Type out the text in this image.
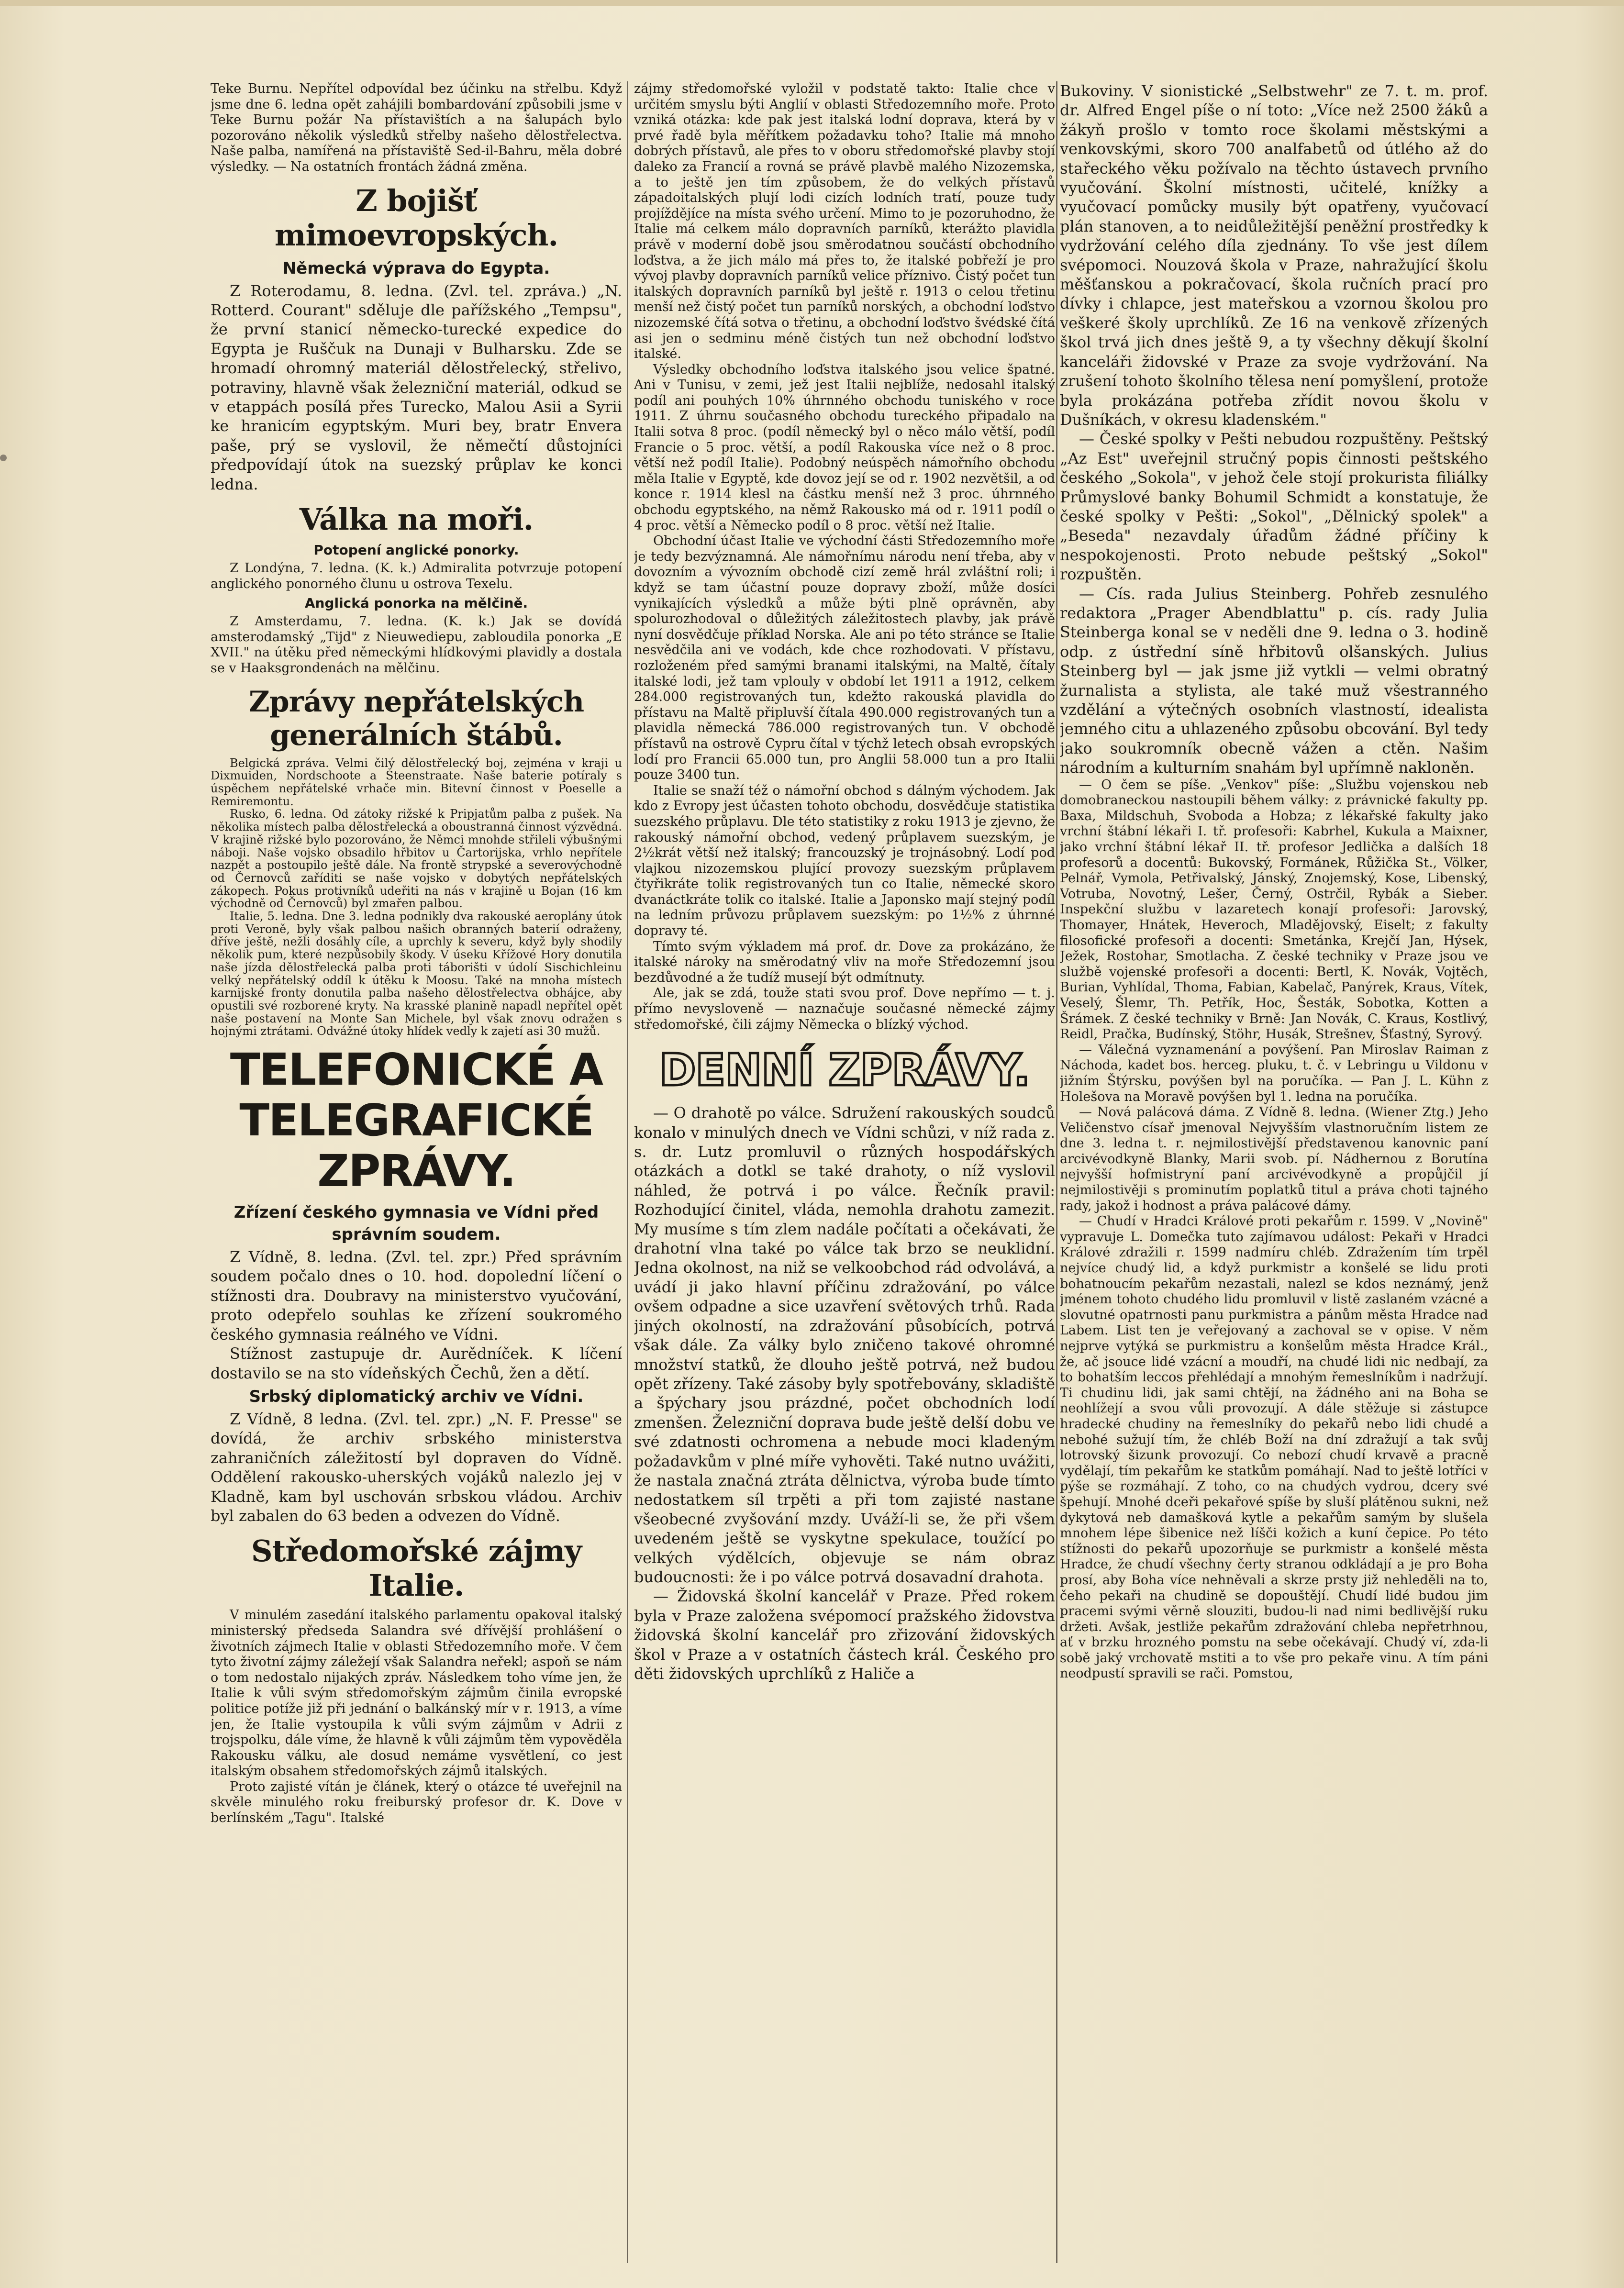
Teke Burnu. Nepřítel odpovídal bez účinku na střelbu. Když jsme dne 6. ledna opět zahájili bombardování způsobili jsme v Teke Burnu požár Na přístavištích a na šalupách bylo pozorováno několik výsledků střelby našeho dělostřelectva. Naše palba, namířená na přístaviště Sed-il-Bahru, měla dobré výsledky. — Na ostatních frontách žádná změna.

Z bojišť mimoevropských.
Německá výprava do Egypta.

Z Roterodamu, 8. ledna. (Zvl. tel. zpráva.) „N. Rotterd. Courant" sděluje dle pařížského „Tempsu", že první stanicí německo-turecké expedice do Egypta je Ruščuk na Dunaji v Bulharsku. Zde se hromadí ohromný materiál dělostřelecký, střelivo, potraviny, hlavně však železniční materiál, odkud se v etappách posílá přes Turecko, Malou Asii a Syrii ke hranicím egyptským. Muri bey, bratr Envera paše, prý se vyslovil, že němečtí důstojníci předpovídají útok na suezský průplav ke konci ledna.

Válka na moři.
Potopení anglické ponorky.

Z Londýna, 7. ledna. (K. k.) Admiralita potvrzuje potopení anglického ponorného člunu u ostrova Texelu.

Anglická ponorka na mělčině.

Z Amsterdamu, 7. ledna. (K. k.) Jak se dovídá amsterodamský „Tijd" z Nieuwediepu, zabloudila ponorka „E XVII." na útěku před německými hlídkovými plavidly a dostala se v Haaksgrondenách na mělčinu.

Zprávy nepřátelských generálních štábů.

Belgická zpráva. Velmi čilý dělostřelecký boj, zejména v kraji u Dixmuiden, Nordschoote a Steenstraate. Naše baterie potíraly s úspěchem nepřátelské vrhače min. Bitevní činnost v Poeselle a Remiremontu.

Rusko, 6. ledna. Od zátoky rižské k Pripjatům palba z pušek. Na několika místech palba dělostřelecká a oboustranná činnost výzvědná. V krajině rižské bylo pozorováno, že Němci mnohde střileli výbušnými náboji. Naše vojsko obsadilo hřbitov u Čartorijska, vrhlo nepřítele nazpět a postoupilo ještě dále. Na frontě strypské a severovýchodně od Černovců zaříditi se naše vojsko v dobytých nepřátelských zákopech. Pokus protivníků udeřiti na nás v krajině u Bojan (16 km východně od Černovců) byl zmařen palbou.

Italie, 5. ledna. Dne 3. ledna podnikly dva rakouské aeroplány útok proti Veroně, byly však palbou našich obranných baterií odraženy, dříve ještě, nežli dosáhly cíle, a uprchly k severu, když byly shodily několik pum, které nezpůsobily škody. V úseku Křížové Hory donutila naše jízda dělostřelecká palba proti táborišti v údolí Sischichleinu velký nepřátelský oddíl k útěku k Moosu. Také na mnoha místech karnijské fronty donutila palba našeho dělostřelectva obhájce, aby opustili své rozborené kryty. Na krasské planině napadl nepřítel opět naše postavení na Monte San Michele, byl však znovu odražen s hojnými ztrátami. Odvážné útoky hlídek vedly k zajetí asi 30 mužů.

TELEFONICKÉ A TELEGRAFICKÉ ZPRÁVY.
Zřízení českého gymnasia ve Vídni před správním soudem.

Z Vídně, 8. ledna. (Zvl. tel. zpr.) Před správním soudem počalo dnes o 10. hod. dopolední líčení o stížnosti dra. Doubravy na ministerstvo vyučování, proto odepřelo souhlas ke zřízení soukromého českého gymnasia reálného ve Vídni.

Stížnost zastupuje dr. Aurědníček. K líčení dostavilo se na sto vídeňských Čechů, žen a dětí.

Srbský diplomatický archiv ve Vídni.

Z Vídně, 8 ledna. (Zvl. tel. zpr.) „N. F. Presse" se dovídá, že archiv srbského ministerstva zahraničních záležitostí byl dopraven do Vídně. Oddělení rakousko-uherských vojáků nalezlo jej v Kladně, kam byl uschován srbskou vládou. Archiv byl zabalen do 63 beden a odvezen do Vídně.

Středomořské zájmy Italie.

V minulém zasedání italského parlamentu opakoval italský ministerský předseda Salandra své dřívější prohlášení o životních zájmech Italie v oblasti Středozemního moře. V čem tyto životní zájmy záležejí však Salandra neřekl; aspoň se nám o tom nedostalo nijakých zpráv. Následkem toho víme jen, že Italie k vůli svým středomořským zájmům činila evropské politice potíže již při jednání o balkánský mír v r. 1913, a víme jen, že Italie vystoupila k vůli svým zájmům v Adrii z trojspolku, dále víme, že hlavně k vůli zájmům těm vypověděla Rakousku válku, ale dosud nemáme vysvětlení, co jest italským obsahem středomořských zájmů italských.

Proto zajisté vítán je článek, který o otázce té uveřejnil na skvěle minulého roku freiburský profesor dr. K. Dove v berlínském „Tagu". Italské

zájmy středomořské vyložil v podstatě takto: Italie chce v určitém smyslu býti Anglií v oblasti Středozemního moře. Proto vzniká otázka: kde pak jest italská lodní doprava, která by v prvé řadě byla měřítkem požadavku toho? Italie má mnoho dobrých přístavů, ale přes to v oboru středomořské plavby stojí daleko za Francií a rovná se právě plavbě malého Nizozemska, a to ještě jen tím způsobem, že do velkých přístavů západoitalských plují lodi cizích lodních tratí, pouze tudy projíždějíce na místa svého určení. Mimo to je pozoruhodno, že Italie má celkem málo dopravních parníků, kterážto plavidla právě v moderní době jsou směrodatnou součástí obchodního loďstva, a že jich málo má přes to, že italské pobřeží je pro vývoj plavby dopravních parníků velice příznivo. Čistý počet tun italských dopravních parníků byl ještě r. 1913 o celou třetinu menší než čistý počet tun parníků norských, a obchodní loďstvo nizozemské čítá sotva o třetinu, a obchodní loďstvo švédské čítá asi jen o sedminu méně čistých tun než obchodní loďstvo italské.

Výsledky obchodního loďstva italského jsou velice špatné. Ani v Tunisu, v zemi, jež jest Italii nejblíže, nedosahl italský podíl ani pouhých 10% úhrnného obchodu tuniského v roce 1911. Z úhrnu současného obchodu tureckého připadalo na Italii sotva 8 proc. (podíl německý byl o něco málo větší, podíl Francie o 5 proc. větší, a podíl Rakouska více než o 8 proc. větší než podíl Italie). Podobný neúspěch námořního obchodu měla Italie v Egyptě, kde dovoz její se od r. 1902 nezvětšil, a od konce r. 1914 klesl na částku menší než 3 proc. úhrnného obchodu egyptského, na němž Rakousko má od r. 1911 podíl o 4 proc. větší a Německo podíl o 8 proc. větší než Italie.

Obchodní účast Italie ve východní části Středozemního moře je tedy bezvýznamná. Ale námořnímu národu není třeba, aby v dovozním a vývozním obchodě cizí země hrál zvláštní roli; i když se tam účastní pouze dopravy zboží, může dosíci vynikajících výsledků a může býti plně oprávněn, aby spolurozhodoval o důležitých záležitostech plavby, jak právě nyní dosvědčuje příklad Norska. Ale ani po této stránce se Italie nesvědčila ani ve vodách, kde chce rozhodovati. V přístavu, rozloženém před samými branami italskými, na Maltě, čítaly italské lodi, jež tam vplouly v období let 1911 a 1912, celkem 284.000 registrovaných tun, kdežto rakouská plavidla do přístavu na Maltě připluvší čítala 490.000 registrovaných tun a plavidla německá 786.000 registrovaných tun. V obchodě přístavů na ostrově Cypru čítal v týchž letech obsah evropských lodí pro Francii 65.000 tun, pro Anglii 58.000 tun a pro Italii pouze 3400 tun.

Italie se snaží též o námořní obchod s dálným východem. Jak kdo z Evropy jest účasten tohoto obchodu, dosvědčuje statistika suezského průplavu. Dle této statistiky z roku 1913 je zjevno, že rakouský námořní obchod, vedený průplavem suezským, je 2½krát větší než italský; francouzský je trojnásobný. Lodí pod vlajkou nizozemskou plující provozy suezským průplavem čtyřikráte tolik registrovaných tun co Italie, německé skoro dvanáctkráte tolik co italské. Italie a Japonsko mají stejný podíl na ledním průvozu průplavem suezským: po 1½% z úhrnné dopravy té.

Tímto svým výkladem má prof. dr. Dove za prokázáno, že italské nároky na směrodatný vliv na moře Středozemní jsou bezdůvodné a že tudíž musejí být odmítnuty.

Ale, jak se zdá, touže stati svou prof. Dove nepřímo — t. j. přímo nevysloveně — naznačuje současné německé zájmy středomořské, čili zájmy Německa o blízký východ.

DENNÍ ZPRÁVY.

— O drahotě po válce. Sdružení rakouských soudců konalo v minulých dnech ve Vídni schůzi, v níž rada z. s. dr. Lutz promluvil o různých hospodářských otázkách a dotkl se také drahoty, o níž vyslovil náhled, že potrvá i po válce. Řečník pravil: Rozhodující činitel, vláda, nemohla drahotu zamezit. My musíme s tím zlem nadále počítati a očekávati, že drahotní vlna také po válce tak brzo se neuklidní. Jedna okolnost, na niž se velkoobchod rád odvolává, a uvádí ji jako hlavní příčinu zdražování, po válce ovšem odpadne a sice uzavření světových trhů. Rada jiných okolností, na zdražování působících, potrvá však dále. Za války bylo zničeno takové ohromné množství statků, že dlouho ještě potrvá, než budou opět zřízeny. Také zásoby byly spotřebovány, skladiště a špýchary jsou prázdné, počet obchodních lodí zmenšen. Železniční doprava bude ještě delší dobu ve své zdatnosti ochromena a nebude moci kladeným požadavkům v plné míře vyhověti. Také nutno uvážiti, že nastala značná ztráta dělnictva, výroba bude tímto nedostatkem síl trpěti a při tom zajisté nastane všeobecné zvyšování mzdy. Uváží-li se, že při všem uvedeném ještě se vyskytne spekulace, toužící po velkých výdělcích, objevuje se nám obraz budoucnosti: že i po válce potrvá dosavadní drahota.

— Židovská školní kancelář v Praze. Před rokem byla v Praze založena svépomocí pražského židovstva židovská školní kancelář pro zřizování židovských škol v Praze a v ostatních částech král. Českého pro děti židovských uprchlíků z Haliče a

Bukoviny. V sionistické „Selbstwehr" ze 7. t. m. prof. dr. Alfred Engel píše o ní toto: „Více než 2500 žáků a žákyň prošlo v tomto roce školami městskými a venkovskými, skoro 700 analfabetů od útlého až do stařeckého věku požívalo na těchto ústavech prvního vyučování. Školní místnosti, učitelé, knížky a vyučovací pomůcky musily být opatřeny, vyučovací plán stanoven, a to neidůležitější peněžní prostředky k vydržování celého díla zjednány. To vše jest dílem svépomoci. Nouzová škola v Praze, nahražující školu měšťanskou a pokračovací, škola ručních prací pro dívky i chlapce, jest mateřskou a vzornou školou pro veškeré školy uprchlíků. Ze 16 na venkově zřízených škol trvá jich dnes ještě 9, a ty všechny děkují školní kanceláři židovské v Praze za svoje vydržování. Na zrušení tohoto školního tělesa není pomyšlení, protože byla prokázána potřeba zřídit novou školu v Dušníkách, v okresu kladenském."

— České spolky v Pešti nebudou rozpuštěny. Peštský „Az Est" uveřejnil stručný popis činnosti peštského českého „Sokola", v jehož čele stojí prokurista filiálky Průmyslové banky Bohumil Schmidt a konstatuje, že české spolky v Pešti: „Sokol", „Dělnický spolek" a „Beseda" nezavdaly úřadům žádné příčiny k nespokojenosti. Proto nebude peštský „Sokol" rozpuštěn.

— Cís. rada Julius Steinberg. Pohřeb zesnulého redaktora „Prager Abendblattu" p. cís. rady Julia Steinberga konal se v neděli dne 9. ledna o 3. hodině odp. z ústřední síně hřbitovů olšanských. Julius Steinberg byl — jak jsme již vytkli — velmi obratný žurnalista a stylista, ale také muž všestranného vzdělání a výtečných osobních vlastností, idealista jemného citu a uhlazeného způsobu obcování. Byl tedy jako soukromník obecně vážen a ctěn. Našim národním a kulturním snahám byl upřímně nakloněn.

— O čem se píše. „Venkov" píše: „Službu vojenskou neb domobraneckou nastoupili během války: z právnické fakulty pp. Baxa, Mildschuh, Svoboda a Hobza; z lékařské fakulty jako vrchní štábní lékaři I. tř. profesoři: Kabrhel, Kukula a Maixner, jako vrchní štábní lékař II. tř. profesor Jedlička a dalších 18 profesorů a docentů: Bukovský, Formánek, Růžička St., Völker, Pelnář, Vymola, Petřivalský, Jánský, Znojemský, Kose, Libenský, Votruba, Novotný, Lešer, Černý, Ostrčil, Rybák a Sieber. Inspekční službu v lazaretech konají profesoři: Jarovský, Thomayer, Hnátek, Heveroch, Mladějovský, Eiselt; z fakulty filosofické profesoři a docenti: Smetánka, Krejčí Jan, Hýsek, Ježek, Rostohar, Smotlacha. Z české techniky v Praze jsou ve službě vojenské profesoři a docenti: Bertl, K. Novák, Vojtěch, Burian, Vyhlídal, Thoma, Fabian, Kabelač, Panýrek, Kraus, Vítek, Veselý, Šlemr, Th. Petřík, Hoc, Šesták, Sobotka, Kotten a Šrámek. Z české techniky v Brně: Jan Novák, C. Kraus, Kostlivý, Reidl, Pračka, Budínský, Stöhr, Husák, Strešnev, Šťastný, Syrový.

— Válečná vyznamenání a povýšení. Pan Miroslav Raiman z Náchoda, kadet bos. herceg. pluku, t. č. v Lebringu u Vildonu v jižním Štýrsku, povýšen byl na poručíka. — Pan J. L. Kühn z Holešova na Moravě povýšen byl 1. ledna na poručíka.

— Nová palácová dáma. Z Vídně 8. ledna. (Wiener Ztg.) Jeho Veličenstvo císař jmenoval Nejvyšším vlastnoručním listem ze dne 3. ledna t. r. nejmilostivější představenou kanovnic paní arcivévodkyně Blanky, Marii svob. pí. Nádhernou z Borutína nejvyšší hofmistryní paní arcivévodkyně a propůjčil jí nejmilostivěji s prominutím poplatků titul a práva choti tajného rady, jakož i hodnost a práva palácové dámy.

— Chudí v Hradci Králové proti pekařům r. 1599. V „Novině" vypravuje L. Domečka tuto zajímavou událost: Pekaři v Hradci Králové zdražili r. 1599 nadmíru chléb. Zdražením tím trpěl nejvíce chudý lid, a když purkmistr a konšelé se lidu proti bohatnoucím pekařům nezastali, nalezl se kdos neznámý, jenž jménem tohoto chudého lidu promluvil v listě zaslaném vzácné a slovutné opatrnosti panu purkmistra a pánům města Hradce nad Labem. List ten je veřejovaný a zachoval se v opise. V něm nejprve vytýká se purkmistru a konšelům města Hradce Král., že, ač jsouce lidé vzácní a moudří, na chudé lidi nic nedbají, za to bohatším leccos přehlédají a mnohým řemeslníkům i nadržují. Ti chudinu lidi, jak sami chtějí, na žádného ani na Boha se neohlížejí a svou vůli provozují. A dále stěžuje si zástupce hradecké chudiny na řemeslníky do pekařů nebo lidi chudé a nebohé sužují tím, že chléb Boží na dní zdražují a tak svůj lotrovský šizunk provozují. Co nebozí chudí krvavě a pracně vydělají, tím pekařům ke statkům pomáhají. Nad to ještě lotříci v pýše se rozmáhají. Z toho, co na chudých vydrou, dcery své špehují. Mnohé dceři pekařové spíše by sluší plátěnou sukni, než dykytová neb damašková kytle a pekařům samým by slušela mnohem lépe šibenice než líšči kožich a kuní čepice. Po této stížnosti do pekařů upozorňuje se purkmistr a konšelé města Hradce, že chudí všechny čerty stranou odkládají a je pro Boha prosí, aby Boha více nehněvali a skrze prsty již nehleděli na to, čeho pekaři na chudině se dopouštějí. Chudí lidé budou jim pracemi svými věrně slouziti, budou-li nad nimi bedlivější ruku držeti. Avšak, jestliže pekařům zdražování chleba nepřetrhnou, ať v brzku hrozného pomstu na sebe očekávají. Chudý ví, zda-li sobě jaký vrchovatě mstiti a to vše pro pekaře vinu. A tím páni neodpustí spravili se rači. Pomstou,
